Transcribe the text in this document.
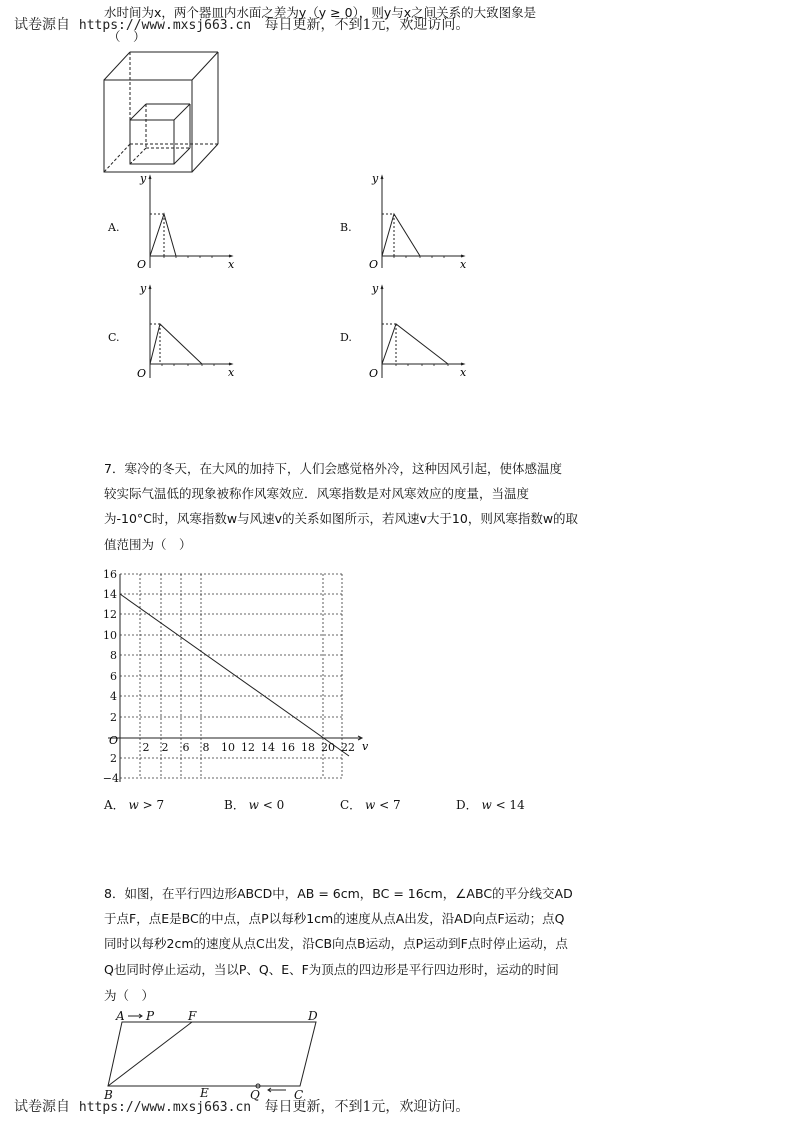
试卷源自 https://www.mxsj663.cn 每日更新，不到1元，欢迎访问。
水时间为x，两个器皿内水面之差为y（y ≥ 0），则y与x之间关系的大致图象是
（　）
A.
y
x
O
B.
y
x
O
C.
y
x
O
D.
y
x
O
7．寒冷的冬天，在大风的加持下，人们会感觉格外冷，这种因风引起，使体感温度
较实际气温低的现象被称作风寒效应．风寒指数是对风寒效应的度量，当温度
为-10°C时，风寒指数w与风速v的关系如图所示，若风速v大于10，则风寒指数w的取
值范围为（　）
16
14
12
10
8
6
4
2
2
−4
O	v
2 2 6 8 10 12 14 16 18 20 22
A． w > 7	B． w < 0	C． w < 7	D． w < 14
8．如图，在平行四边形ABCD中，AB = 6cm，BC = 16cm，∠ABC的平分线交AD
于点F，点E是BC的中点，点P以每秒1cm的速度从点A出发，沿AD向点F运动；点Q
同时以每秒2cm的速度从点C出发，沿CB向点B运动，点P运动到F点时停止运动，点
Q也同时停止运动，当以P、Q、E、F为顶点的四边形是平行四边形时，运动的时间
为（　）
A P	F	D
B	E	Q	C
试卷源自 https://www.mxsj663.cn 每日更新，不到1元，欢迎访问。
